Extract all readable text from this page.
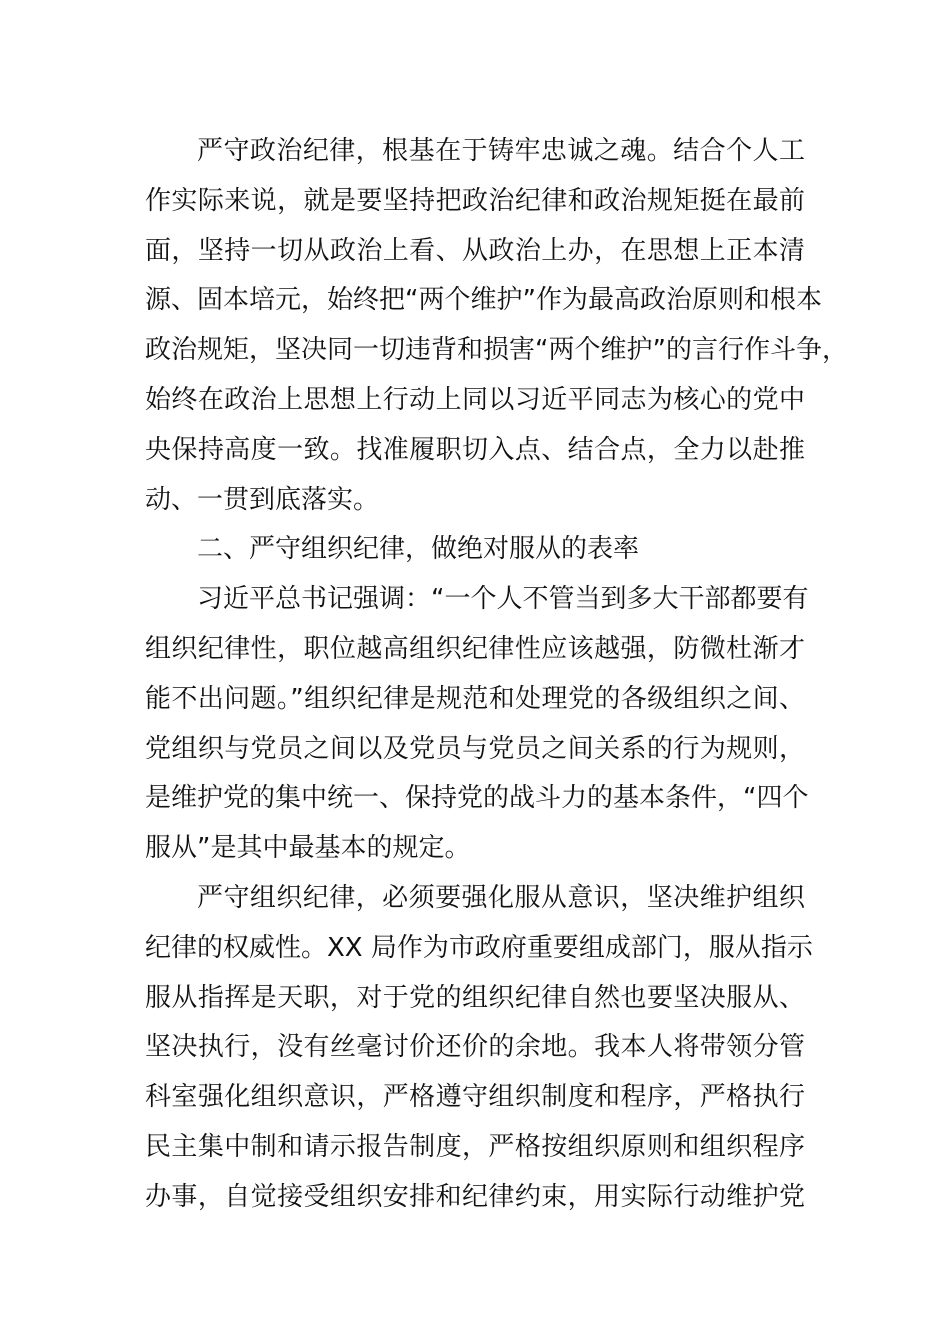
严守政治纪律，根基在于铸牢忠诚之魂。结合个人工
作实际来说，就是要坚持把政治纪律和政治规矩挺在最前
面，坚持一切从政治上看、从政治上办，在思想上正本清
源、固本培元，始终把“两个维护”作为最高政治原则和根本
政治规矩，坚决同一切违背和损害“两个维护”的言行作斗争，
始终在政治上思想上行动上同以习近平同志为核心的党中
央保持高度一致。找准履职切入点、结合点，全力以赴推
动、一贯到底落实。
二、严守组织纪律，做绝对服从的表率
习近平总书记强调：“一个人不管当到多大干部都要有
组织纪律性，职位越高组织纪律性应该越强，防微杜渐才
能不出问题。”组织纪律是规范和处理党的各级组织之间、
党组织与党员之间以及党员与党员之间关系的行为规则，
是维护党的集中统一、保持党的战斗力的基本条件，“四个
服从”是其中最基本的规定。
严守组织纪律，必须要强化服从意识，坚决维护组织
纪律的权威性。XX 局作为市政府重要组成部门，服从指示
服从指挥是天职，对于党的组织纪律自然也要坚决服从、
坚决执行，没有丝毫讨价还价的余地。我本人将带领分管
科室强化组织意识，严格遵守组织制度和程序，严格执行
民主集中制和请示报告制度，严格按组织原则和组织程序
办事，自觉接受组织安排和纪律约束，用实际行动维护党
